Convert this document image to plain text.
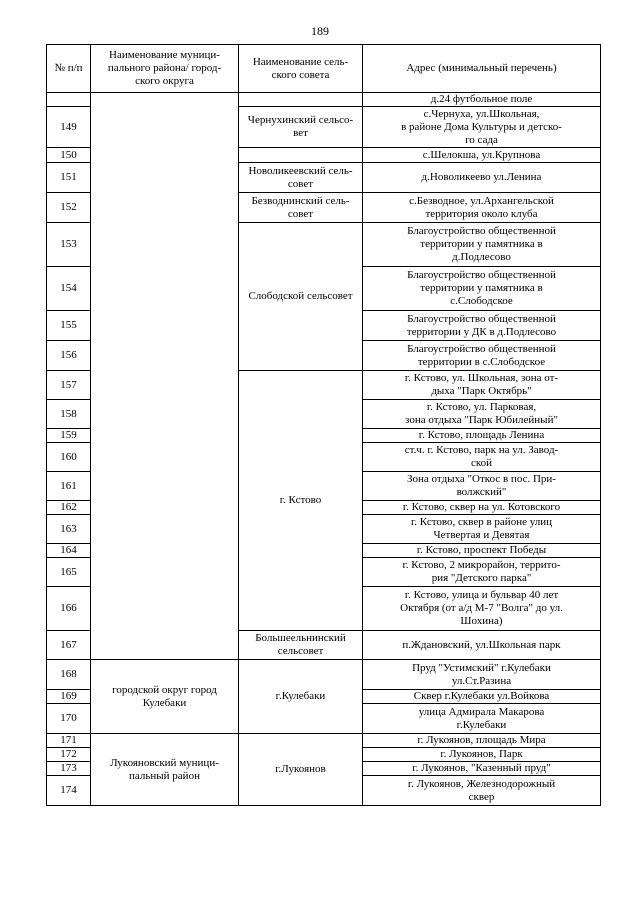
189
№ п/п	Наименование муници-
пального района/ город-
ского округа	Наименование сель-
ского совета	Адрес (минимальный перечень)
			д.24 футбольное поле
149		Чернухинский сельсо-
вет	с.Чернуха, ул.Школьная,
в районе Дома Культуры и детско-
го сада
150			с.Шелокша, ул.Крупнова
151		Новоликеевский сель-
совет	д.Новоликеево ул.Ленина
152		Безводнинский сель-
совет	с.Безводное, ул.Архангельской
территория около клуба
153		Слободской сельсовет	Благоустройство общественной
территории у памятника в
д.Подлесово
154			Благоустройство общественной
территории у памятника в
с.Слободское
155			Благоустройство общественной
территории у ДК в д.Подлесово
156			Благоустройство общественной
территории в с.Слободское
157		г. Кстово	г. Кстово, ул. Школьная, зона от-
дыха "Парк Октябрь"
158			г. Кстово, ул. Парковая,
зона отдыха "Парк Юбилейный"
159			г. Кстово, площадь Ленина
160			ст.ч. г. Кстово, парк на ул. Завод-
ской
161			Зона отдыха "Откос в пос. При-
волжский"
162			г. Кстово, сквер на ул. Котовского
163			г. Кстово, сквер в районе улиц
Четвертая и Девятая
164			г. Кстово, проспект Победы
165			г. Кстово, 2 микрорайон, террито-
рия "Детского парка"
166			г. Кстово, улица и бульвар 40 лет
Октября (от а/д М-7 "Волга" до ул.
Шохина)
167		Большеельнинский
сельсовет	п.Ждановский, ул.Школьная парк
168	городской округ город
Кулебаки	г.Кулебаки	Пруд "Устимский" г.Кулебаки
ул.Ст.Разина
169			Сквер г.Кулебаки ул.Войкова
170			улица Адмирала Макарова
г.Кулебаки
171	Лукояновский муници-
пальный район	г.Лукоянов	г. Лукоянов, площадь Мира
172			г. Лукоянов, Парк
173			г. Лукоянов, "Казенный пруд"
174			г. Лукоянов, Железнодорожный
сквер
